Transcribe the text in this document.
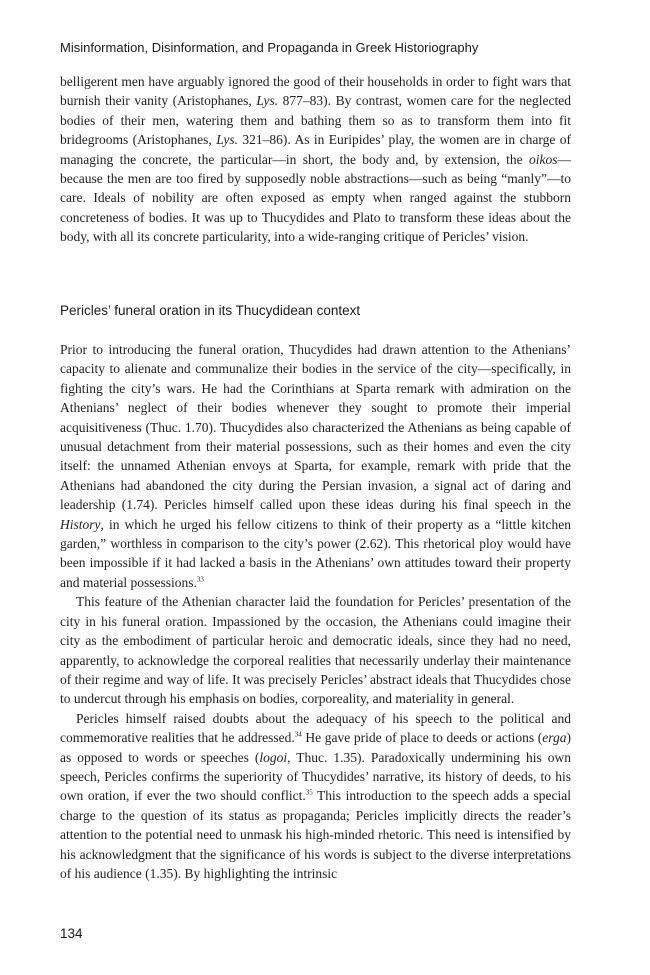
Misinformation, Disinformation, and Propaganda in Greek Historiography

belligerent men have arguably ignored the good of their households in order to fight wars that burnish their vanity (Aristophanes, Lys. 877–83). By contrast, women care for the neglected bodies of their men, watering them and bathing them so as to transform them into fit bridegrooms (Aristophanes, Lys. 321–86). As in Euripides’ play, the women are in charge of managing the concrete, the particular—in short, the body and, by extension, the oikos—because the men are too fired by supposedly noble abstractions—such as being “manly”—to care. Ideals of nobility are often exposed as empty when ranged against the stubborn concreteness of bodies. It was up to Thucydides and Plato to transform these ideas about the body, with all its concrete particularity, into a wide-ranging critique of Pericles’ vision.

Pericles’ funeral oration in its Thucydidean context

Prior to introducing the funeral oration, Thucydides had drawn attention to the Athenians’ capacity to alienate and communalize their bodies in the service of the city—specifically, in fighting the city’s wars. He had the Corinthians at Sparta remark with admiration on the Athenians’ neglect of their bodies whenever they sought to promote their imperial acquisitiveness (Thuc. 1.70). Thucydides also characterized the Athenians as being capable of unusual detachment from their material possessions, such as their homes and even the city itself: the unnamed Athenian envoys at Sparta, for example, remark with pride that the Athenians had abandoned the city during the Persian invasion, a signal act of daring and leadership (1.74). Pericles himself called upon these ideas during his final speech in the History, in which he urged his fellow citizens to think of their property as a “little kitchen garden,” worthless in comparison to the city’s power (2.62). This rhetorical ploy would have been impossible if it had lacked a basis in the Athenians’ own attitudes toward their property and material possessions.$^{33}$

This feature of the Athenian character laid the foundation for Pericles’ presentation of the city in his funeral oration. Impassioned by the occasion, the Athenians could imagine their city as the embodiment of particular heroic and democratic ideals, since they had no need, apparently, to acknowledge the corporeal realities that necessarily underlay their maintenance of their regime and way of life. It was precisely Pericles’ abstract ideals that Thucydides chose to undercut through his emphasis on bodies, corporeality, and materiality in general.

Pericles himself raised doubts about the adequacy of his speech to the political and commemorative realities that he addressed.$^{34}$ He gave pride of place to deeds or actions (erga) as opposed to words or speeches (logoi, Thuc. 1.35). Paradoxically undermining his own speech, Pericles confirms the superiority of Thucydides’ narrative, its history of deeds, to his own oration, if ever the two should conflict.$^{35}$ This introduction to the speech adds a special charge to the question of its status as propaganda; Pericles implicitly directs the reader’s attention to the potential need to unmask his high-minded rhetoric. This need is intensified by his acknowledgment that the significance of his words is subject to the diverse interpretations of his audience (1.35). By highlighting the intrinsic

134
